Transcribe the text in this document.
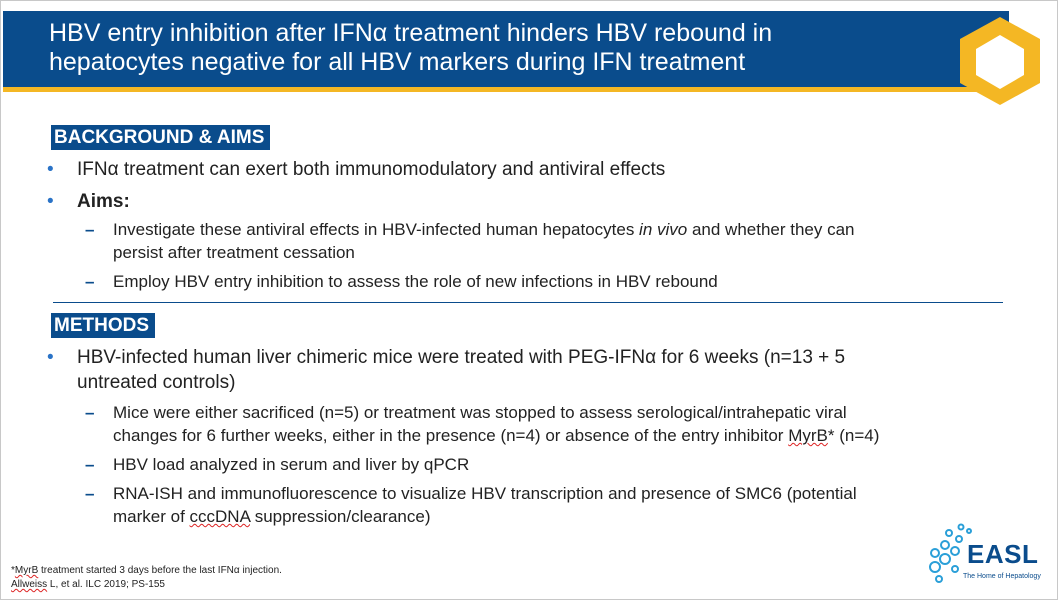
HBV entry inhibition after IFNα treatment hinders HBV rebound in
hepatocytes negative for all HBV markers during IFN treatment
BACKGROUND & AIMS
• IFNα treatment can exert both immunomodulatory and antiviral effects
• Aims:
– Investigate these antiviral effects in HBV-infected human hepatocytes in vivo and whether they can
persist after treatment cessation
– Employ HBV entry inhibition to assess the role of new infections in HBV rebound
METHODS
• HBV-infected human liver chimeric mice were treated with PEG-IFNα for 6 weeks (n=13 + 5
untreated controls)
– Mice were either sacrificed (n=5) or treatment was stopped to assess serological/intrahepatic viral
changes for 6 further weeks, either in the presence (n=4) or absence of the entry inhibitor MyrB* (n=4)
– HBV load analyzed in serum and liver by qPCR
– RNA-ISH and immunofluorescence to visualize HBV transcription and presence of SMC6 (potential
marker of cccDNA suppression/clearance)
*MyrB treatment started 3 days before the last IFNα injection.
Allweiss L, et al. ILC 2019; PS-155
EASL
The Home of Hepatology
